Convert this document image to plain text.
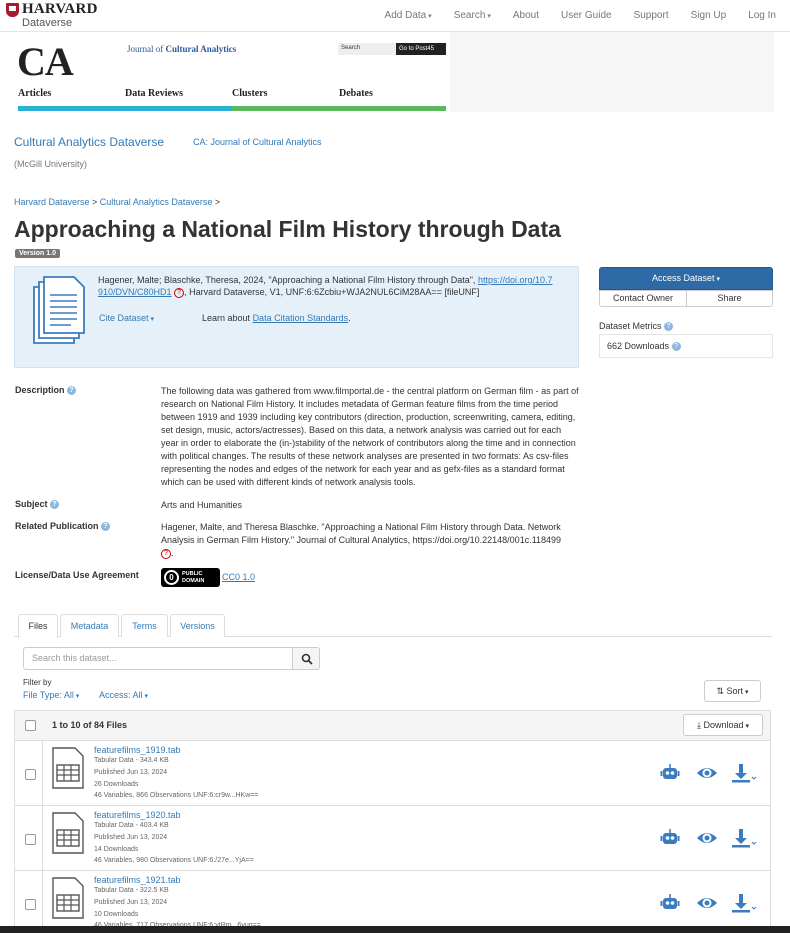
HARVARD
Dataverse
Add Data ▾	Search ▾	About User Guide Support Sign Up Log In
CA	Journal of Cultural Analytics	Search	Go to Post45
Articles	Data Reviews	Clusters	Debates
Cultural Analytics Dataverse	CA: Journal of Cultural Analytics
(McGill University)
Harvard Dataverse > Cultural Analytics Dataverse >
Approaching a National Film History through Data
Version 1.0
Hagener, Malte; Blaschke, Theresa, 2024, "Approaching a National Film History through Data", https://doi.org/10.7
910/DVN/C80HD1 ? , Harvard Dataverse, V1, UNF:6:6Zcbiu+WJA2NUL6CiM28AA== [fileUNF]
Cite Dataset ▾	Learn about Data Citation Standards.
Access Dataset ▾
Contact Owner	Share
Dataset Metrics ?
662 Downloads ?
Description ?	The following data was gathered from www.filmportal.de - the central platform on German film - as part of research on National Film History. It includes metadata of German feature films from the time period between 1919 and 1939 including key contributors (direction, production, screenwriting, camera, editing, set design, music, actors/actresses). Based on this data, a network analysis was carried out for each year in order to elaborate the (in-)stability of the network of contributors along the time and in connection with political changes. The results of these network analyses are presented in two formats: As csv-files representing the nodes and edges of the network for each year and as gefx-files as a standard format which can be used with different kinds of network analysis tools.
Subject ?	Arts and Humanities
Related Publication ?	Hagener, Malte, and Theresa Blaschke. "Approaching a National Film History through Data. Network Analysis in German Film History." Journal of Cultural Analytics, https://doi.org/10.22148/001c.118499
? .
License/Data Use Agreement	0	PUBLIC
DOMAIN CC0 1.0
Files	Metadata	Terms	Versions
Search this dataset...
Filter by
File Type: All ▾	Access: All ▾	⇅ Sort ▾
1 to 10 of 84 Files	⤓ Download ▾
featurefilms_1919.tab
Tabular Data - 343.4 KB
Published Jun 13, 2024
26 Downloads
46 Variables, 866 Observations UNF:6:cr9w...HKw==
featurefilms_1920.tab
Tabular Data - 403.4 KB
Published Jun 13, 2024
14 Downloads
46 Variables, 980 Observations UNF:6:/27e...YjA==
featurefilms_1921.tab
Tabular Data - 322.5 KB
Published Jun 13, 2024
10 Downloads
